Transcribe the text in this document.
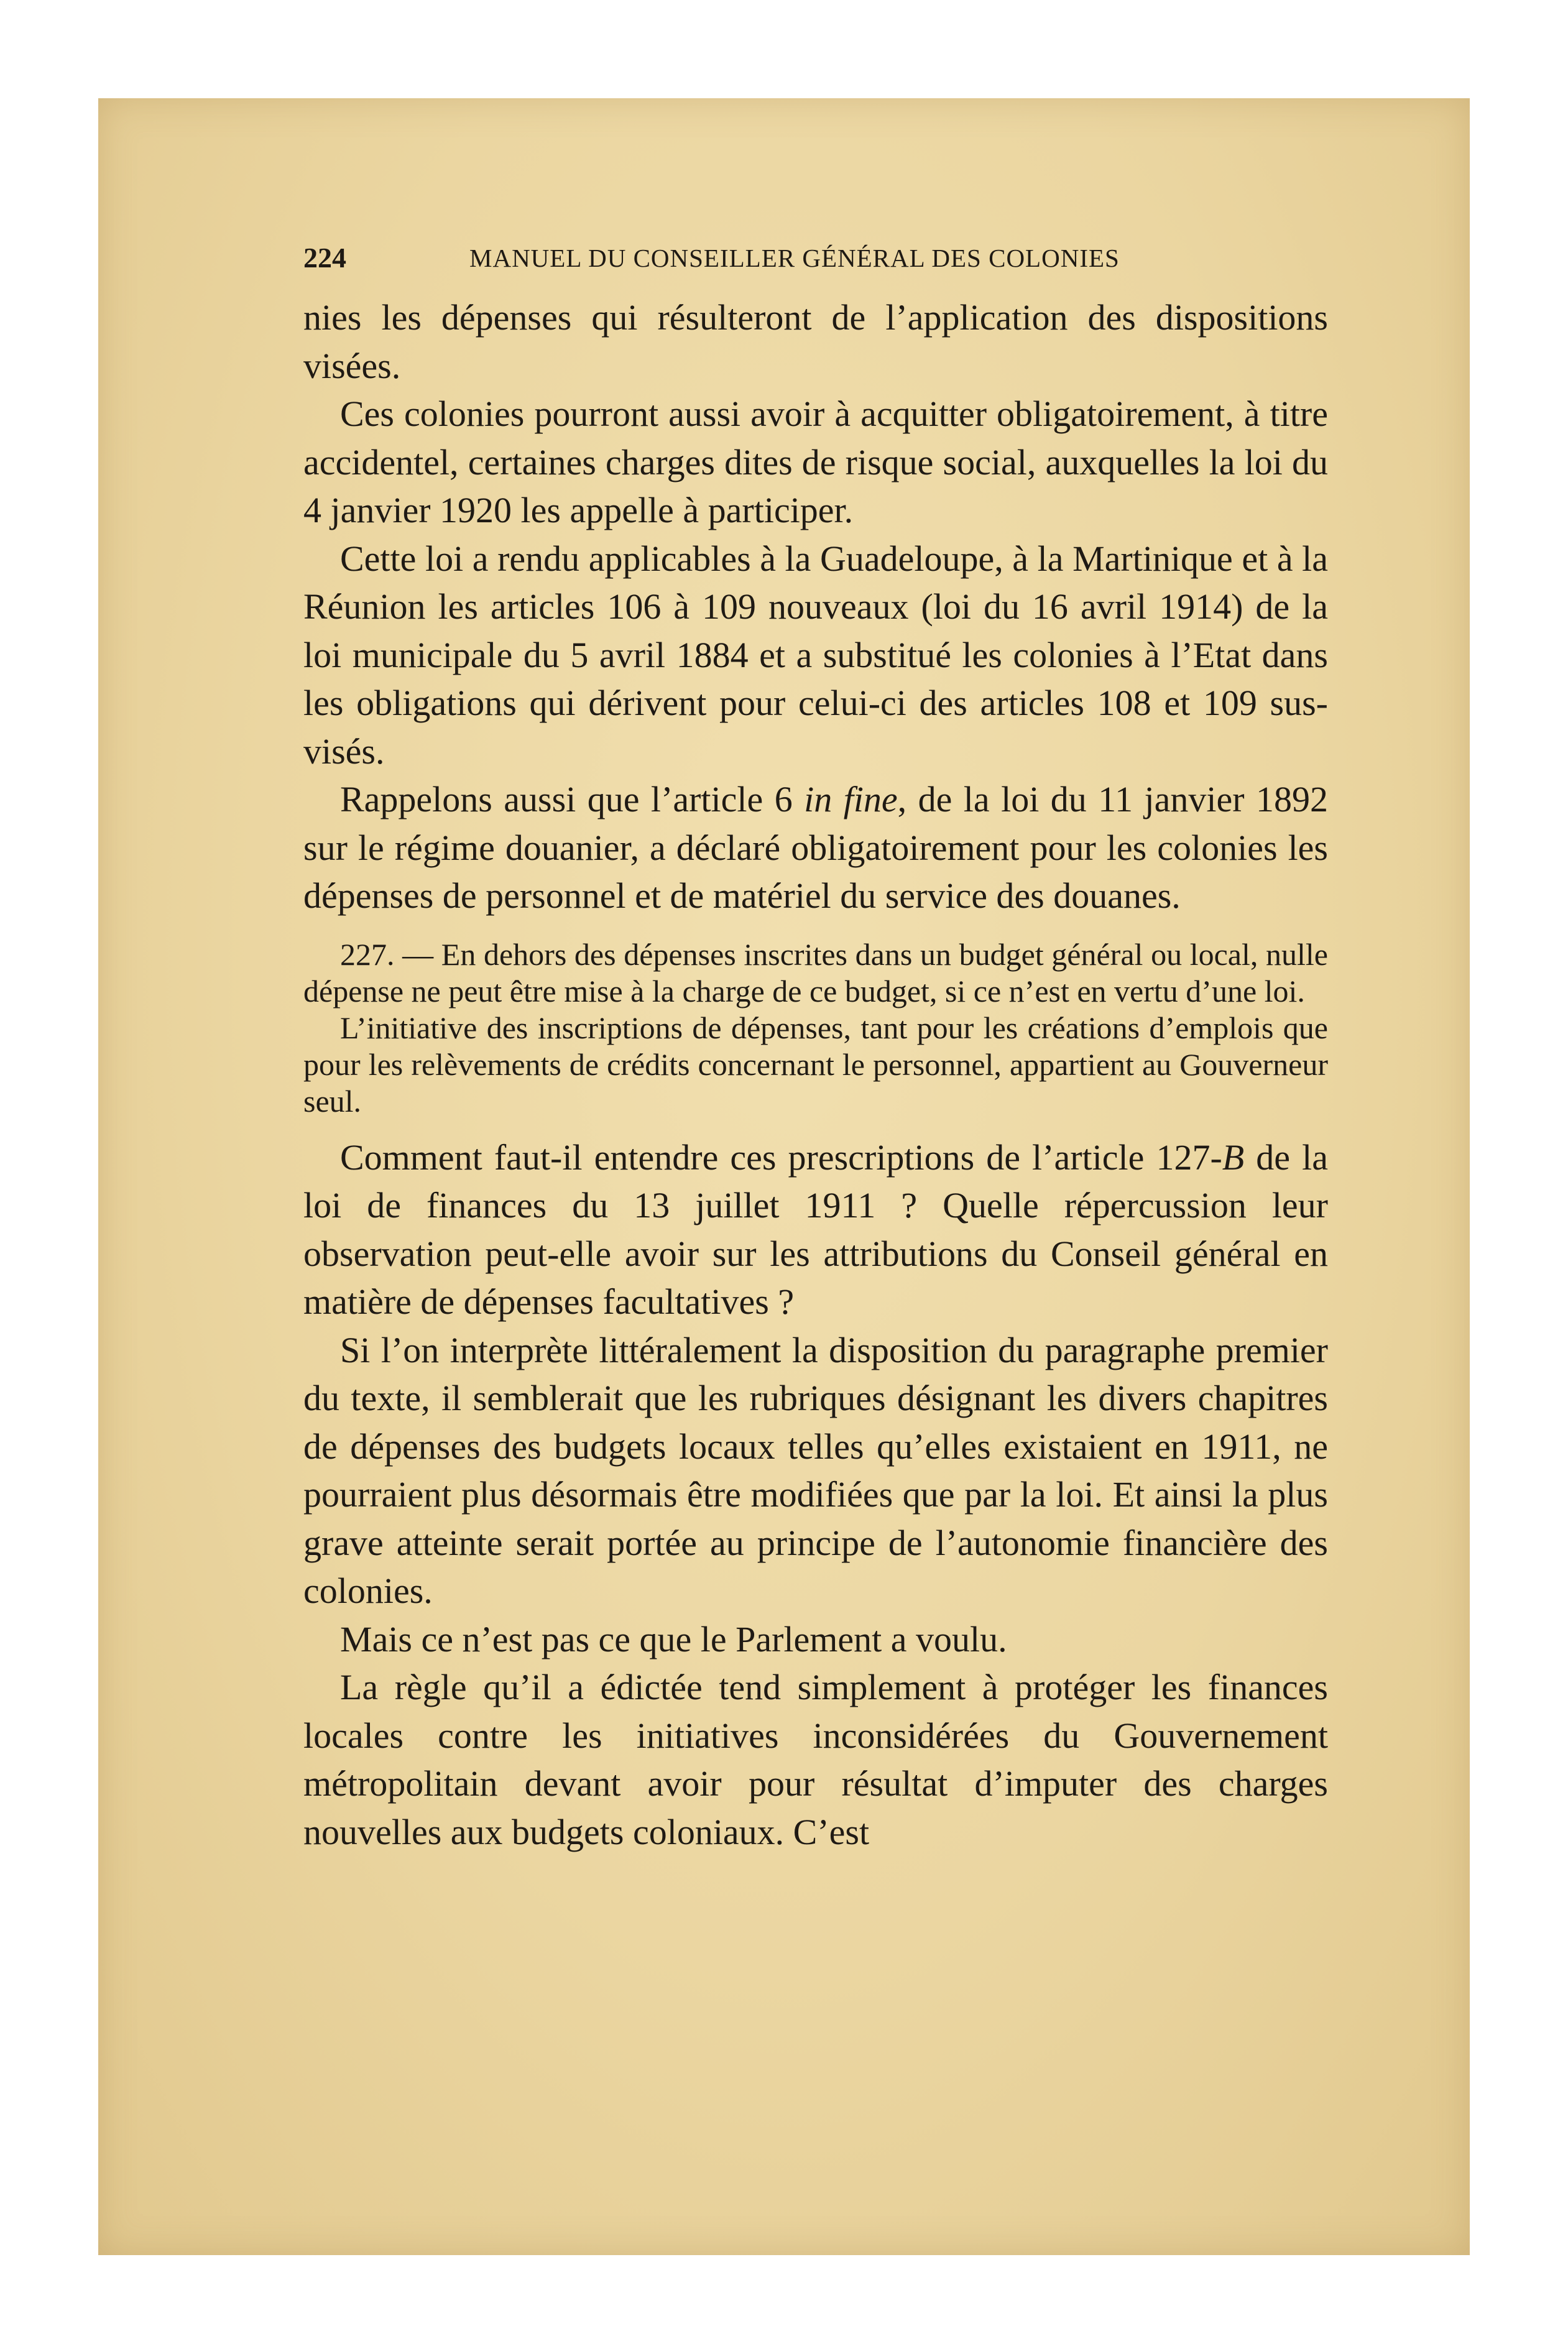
224	MANUEL DU CONSEILLER GÉNÉRAL DES COLONIES

nies les dépenses qui résulteront de l’application des dispositions visées.

Ces colonies pourront aussi avoir à acquitter obligatoirement, à titre accidentel, certaines charges dites de risque social, auxquelles la loi du 4 janvier 1920 les appelle à participer.

Cette loi a rendu applicables à la Guadeloupe, à la Martinique et à la Réunion les articles 106 à 109 nouveaux (loi du 16 avril 1914) de la loi municipale du 5 avril 1884 et a substitué les colonies à l’Etat dans les obligations qui dérivent pour celui-ci des articles 108 et 109 sus-visés.

Rappelons aussi que l’article 6 in fine, de la loi du 11 janvier 1892 sur le régime douanier, a déclaré obligatoirement pour les colonies les dépenses de personnel et de matériel du service des douanes.

227. — En dehors des dépenses inscrites dans un budget général ou local, nulle dépense ne peut être mise à la charge de ce budget, si ce n’est en vertu d’une loi.

L’initiative des inscriptions de dépenses, tant pour les créations d’emplois que pour les relèvements de crédits concernant le personnel, appartient au Gouverneur seul.

Comment faut-il entendre ces prescriptions de l’article 127-B de la loi de finances du 13 juillet 1911 ? Quelle répercussion leur observation peut-elle avoir sur les attributions du Conseil général en matière de dépenses facultatives ?

Si l’on interprète littéralement la disposition du paragraphe premier du texte, il semblerait que les rubriques désignant les divers chapitres de dépenses des budgets locaux telles qu’elles existaient en 1911, ne pourraient plus désormais être modifiées que par la loi. Et ainsi la plus grave atteinte serait portée au principe de l’autonomie financière des colonies.

Mais ce n’est pas ce que le Parlement a voulu.

La règle qu’il a édictée tend simplement à protéger les finances locales contre les initiatives inconsidérées du Gouvernement métropolitain devant avoir pour résultat d’imputer des charges nouvelles aux budgets coloniaux. C’est
